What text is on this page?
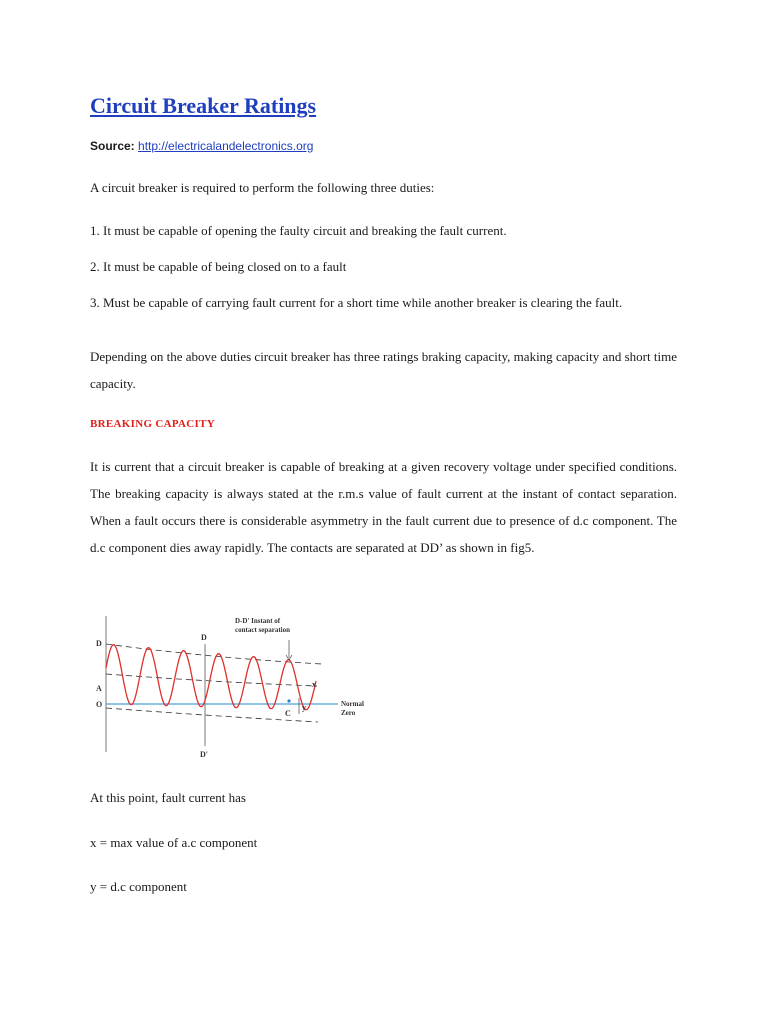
Circuit Breaker Ratings
Source: http://electricalandelectronics.org

A circuit breaker is required to perform the following three duties:

1. It must be capable of opening the faulty circuit and breaking the fault current.

2. It must be capable of being closed on to a fault

3. Must be capable of carrying fault current for a short time while another breaker is clearing the fault.

Depending on the above duties circuit breaker has three ratings braking capacity, making capacity and short time capacity.

BREAKING CAPACITY

It is current that a circuit breaker is capable of breaking at a given recovery voltage under specified conditions. The breaking capacity is always stated at the r.m.s value of fault current at the instant of contact separation. When a fault occurs there is considerable asymmetry in the fault current due to presence of d.c component. The d.c component dies away rapidly. The contacts are separated at DD’ as shown in fig5.

D-D' Instant of
contact separation
D
D
A
O
D'
x
y
C
Normal
Zero

At this point, fault current has

x = max value of a.c component

y = d.c component
